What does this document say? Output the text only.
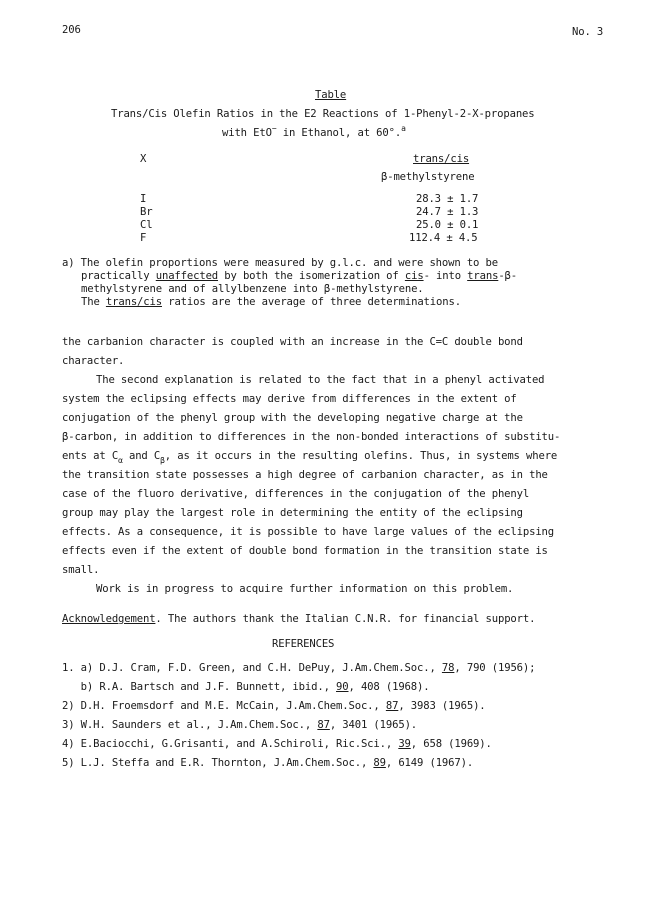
206	No. 3
Table
Trans/Cis Olefin Ratios in the E2 Reactions of 1-Phenyl-2-X-propanes
with EtO− in Ethanol, at 60°.$^a$
X	trans/cis
β-methylstyrene
I	28.3 ± 1.7
Br	24.7 ± 1.3
Cl	25.0 ± 0.1
F	112.4 ± 4.5
a) The olefin proportions were measured by g.l.c. and were shown to be
practically unaffected by both the isomerization of cis- into trans-β-
methylstyrene and of allylbenzene into β-methylstyrene.
The trans/cis ratios are the average of three determinations.
the carbanion character is coupled with an increase in the C=C double bond
character.
The second explanation is related to the fact that in a phenyl activated
system the eclipsing effects may derive from differences in the extent of
conjugation of the phenyl group with the developing negative charge at the
β-carbon, in addition to differences in the non-bonded interactions of substitu-
ents at $C_\alpha$ and $C_\beta$, as it occurs in the resulting olefins. Thus, in systems where
the transition state possesses a high degree of carbanion character, as in the
case of the fluoro derivative, differences in the conjugation of the phenyl
group may play the largest role in determining the entity of the eclipsing
effects. As a consequence, it is possible to have large values of the eclipsing
effects even if the extent of double bond formation in the transition state is
small.
Work is in progress to acquire further information on this problem.
Acknowledgement. The authors thank the Italian C.N.R. for financial support.
REFERENCES
1. a) D.J. Cram, F.D. Green, and C.H. DePuy, J.Am.Chem.Soc., 78, 790 (1956);
b) R.A. Bartsch and J.F. Bunnett, ibid., 90, 408 (1968).
2) D.H. Froemsdorf and M.E. McCain, J.Am.Chem.Soc., 87, 3983 (1965).
3) W.H. Saunders et al., J.Am.Chem.Soc., 87, 3401 (1965).
4) E.Baciocchi, G.Grisanti, and A.Schiroli, Ric.Sci., 39, 658 (1969).
5) L.J. Steffa and E.R. Thornton, J.Am.Chem.Soc., 89, 6149 (1967).
